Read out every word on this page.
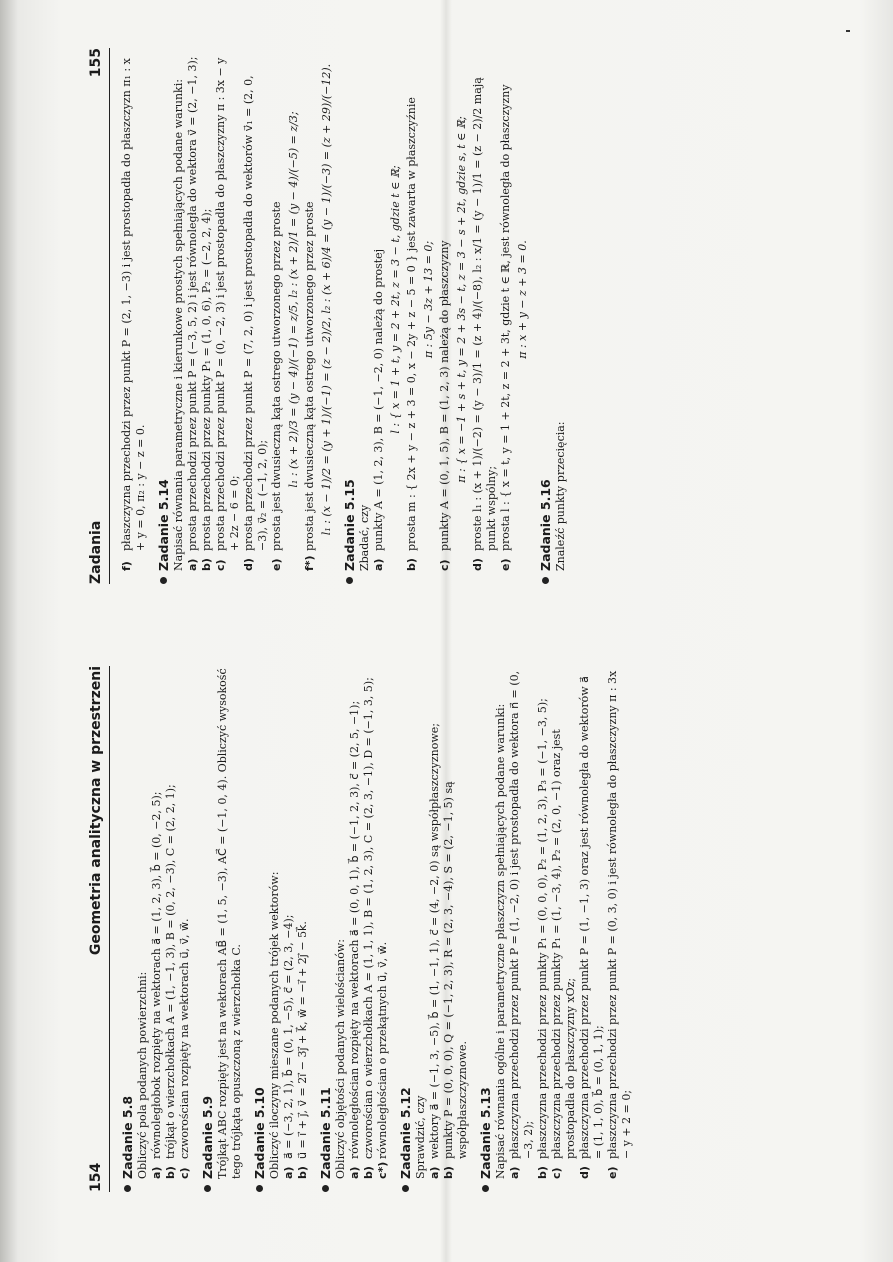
154
Geometria analityczna w przestrzeni
Zadanie 5.8 Obliczyć pola podanych powierzchni: a)
równoległobok rozpięty na wektorach a⃗ = (1, 2, 3), b⃗ = (0, −2, 5);
b)
trójkąt o wierzchołkach A = (1, −1, 3), B = (0, 2, −3), C = (2, 2, 1);
c)
czworościan rozpięty na wektorach u⃗, v⃗, w⃗. Zadanie 5.9 Trójkąt ABC rozpięty jest na wektorach AB⃗ = (1, 5, −3), AC⃗ = (−1, 0, 4). Obliczyć wysokość tego trójkąta opuszczoną z wierzchołka C. Zadanie 5.10 Obliczyć iloczyny mieszane podanych trójek wektorów: a)
a⃗ = (−3, 2, 1), b⃗ = (0, 1, −5), c⃗ = (2, 3, −4);
b)
u⃗ = i⃗ + j⃗, v⃗ = 2i⃗ − 3j⃗ + k⃗, w⃗ = −i⃗ + 2j⃗ − 5k⃗. Zadanie 5.11 Obliczyć objętości podanych wielościanów: a)
równoległościan rozpięty na wektorach a⃗ = (0, 0, 1), b⃗ = (−1, 2, 3), c⃗ = (2, 5, −1);
b)
czworościan o wierzchołkach A = (1, 1, 1), B = (1, 2, 3), C = (2, 3, −1), D = (−1, 3, 5);
c*)
równoległościan o przekątnych u⃗, v⃗, w⃗. Zadanie 5.12 Sprawdzić, czy a)
wektory a⃗ = (−1, 3, −5), b⃗ = (1, −1, 1), c⃗ = (4, −2, 0) są współpłaszczyznowe;
b)
punkty P = (0, 0, 0), Q = (−1, 2, 3), R = (2, 3, −4), S = (2, −1, 5) są współpłaszczyznowe. Zadanie 5.13 Napisać równania ogólne i parametryczne płaszczyzn spełniających podane warunki: a)
płaszczyzna przechodzi przez punkt P = (1, −2, 0) i jest prostopadła do wektora n⃗ = (0, −3, 2);
b)
płaszczyzna przechodzi przez punkty P₁ = (0, 0, 0), P₂ = (1, 2, 3), P₃ = (−1, −3, 5);
c)
płaszczyzna przechodzi przez punkty P₁ = (1, −3, 4), P₂ = (2, 0, −1) oraz jest prostopadła do płaszczyzny xOz;
d)
płaszczyzna przechodzi przez punkt P = (1, −1, 3) oraz jest równoległa do wektorów a⃗ = (1, 1, 0), b⃗ = (0, 1, 1);
e)
płaszczyzna przechodzi przez punkt P = (0, 3, 0) i jest równoległa do płaszczyzny π : 3x − y + 2 = 0;
Zadania
155
f)
płaszczyzna przechodzi przez punkt P = (2, 1, −3) i jest prostopadła do płaszczyzn π₁ : x + y = 0, π₂ : y − z = 0. Zadanie 5.14 Napisać równania parametryczne i kierunkowe prostych spełniających podane warunki: a)
prosta przechodzi przez punkt P = (−3, 5, 2) i jest równoległa do wektora v⃗ = (2, −1, 3);
b)
prosta przechodzi przez punkty P₁ = (1, 0, 6), P₂ = (−2, 2, 4);
c)
prosta przechodzi przez punkt P = (0, −2, 3) i jest prostopadła do płaszczyzny π : 3x − y + 2z − 6 = 0;
d)
prosta przechodzi przez punkt P = (7, 2, 0) i jest prostopadła do wektorów v⃗₁ = (2, 0, −3), v⃗₂ = (−1, 2, 0);
e)
prosta jest dwusieczną kąta ostrego utworzonego przez proste l₁ : (x + 2)/3 = (y − 4)/(−1) = z/5, l₂ : (x + 2)/1 = (y − 4)/(−5) = z/3;
f*)
prosta jest dwusieczną kąta ostrego utworzonego przez proste l₁ : (x − 1)/2 = (y + 1)/(−1) = (z − 2)/2, l₂ : (x + 6)/4 = (y − 1)/(−3) = (z + 29)/(−12). Zadanie 5.15 Zbadać, czy a)
punkty A = (1, 2, 3), B = (−1, −2, 0) należą do prostej l : { x = 1 + t, y = 2 + 2t, z = 3 − t, gdzie t ∈ ℝ;
b)
prosta m : { 2x + y − z + 3 = 0, x − 2y + z − 5 = 0 } jest zawarta w płaszczyźnie π : 5y − 3z + 13 = 0;
c)
punkty A = (0, 1, 5), B = (1, 2, 3) należą do płaszczyzny π : { x = −1 + s + t, y = 2 + 3s − t, z = 3 − s + 2t, gdzie s, t ∈ ℝ;
d)
proste l₁ : (x + 1)/(−2) = (y − 3)/1 = (z + 4)/(−8), l₂ : x/1 = (y − 1)/1 = (z − 2)/2 mają punkt wspólny;
e)
prosta l : { x = t, y = 1 + 2t, z = 2 + 3t, gdzie t ∈ ℝ, jest równoległa do płaszczyzny π : x + y − z + 3 = 0.
Zadanie 5.16 Znaleźć punkty przecięcia:
